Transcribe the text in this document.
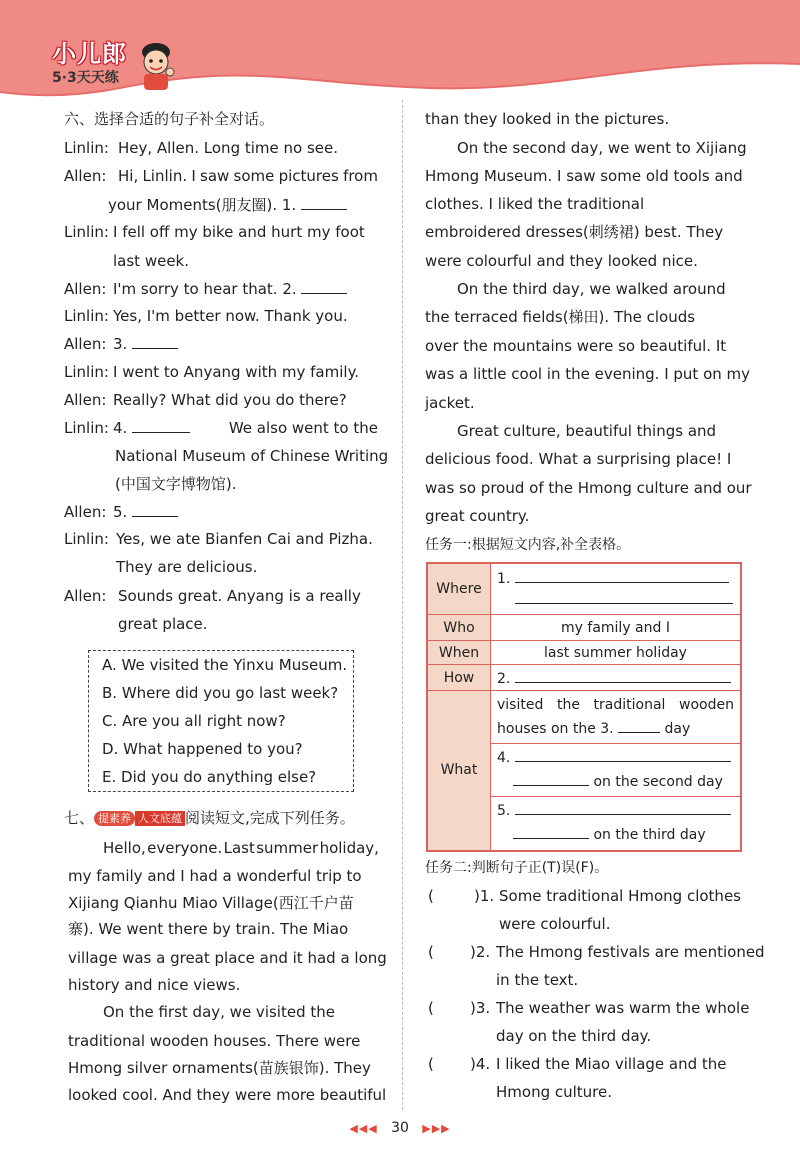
小儿郎
5·3天天练
六、选择合适的句子补全对话。
Linlin: Hey, Allen. Long time no see.
Allen: Hi, Linlin. I saw some pictures from
your Moments(朋友圈). 1.
Linlin: I fell off my bike and hurt my foot
last week.
Allen: I'm sorry to hear that. 2.
Linlin: Yes, I'm better now. Thank you.
Allen: 3.
Linlin: I went to Anyang with my family.
Allen: Really? What did you do there?
Linlin: 4.	We also went to the
National Museum of Chinese Writing
(中国文字博物馆).
Allen: 5.
Linlin: Yes, we ate Bianfen Cai and Pizha.
They are delicious.
Allen: Sounds great. Anyang is a really
great place.
A. We visited the Yinxu Museum.
B. Where did you go last week?
C. Are you all right now?
D. What happened to you?
E. Did you do anything else?
七、 提素养 人文底蕴 阅读短文,完成下列任务。
Hello, everyone. Last summer holiday,
my family and I had a wonderful trip to
Xijiang Qianhu Miao Village(西江千户苗
寨). We went there by train. The Miao
village was a great place and it had a long
history and nice views.
On the first day, we visited the
traditional wooden houses. There were
Hmong silver ornaments(苗族银饰). They
looked cool. And they were more beautiful
than they looked in the pictures.
On the second day, we went to Xijiang
Hmong Museum. I saw some old tools and
clothes. I liked the traditional
embroidered dresses(刺绣裙) best. They
were colourful and they looked nice.
On the third day, we walked around
the terraced fields(梯田). The clouds
over the mountains were so beautiful. It
was a little cool in the evening. I put on my
jacket.
Great culture, beautiful things and
delicious food. What a surprising place! I
was so proud of the Hmong culture and our
great country.
任务一:根据短文内容,补全表格。
Where	1.

Who	my family and I
When	last summer holiday
How	2.
What	visited the traditional wooden
houses on the 3. day

	4.
on the second day

	5.
on the third day
任务二:判断句子正(T)误(F)。
(	)1. Some traditional Hmong clothes
were colourful.
( )2. The Hmong festivals are mentioned
in the text.
( )3. The weather was warm the whole
day on the third day.
( )4. I liked the Miao village and the
Hmong culture.
◀◀◀ 30 ▶▶▶
